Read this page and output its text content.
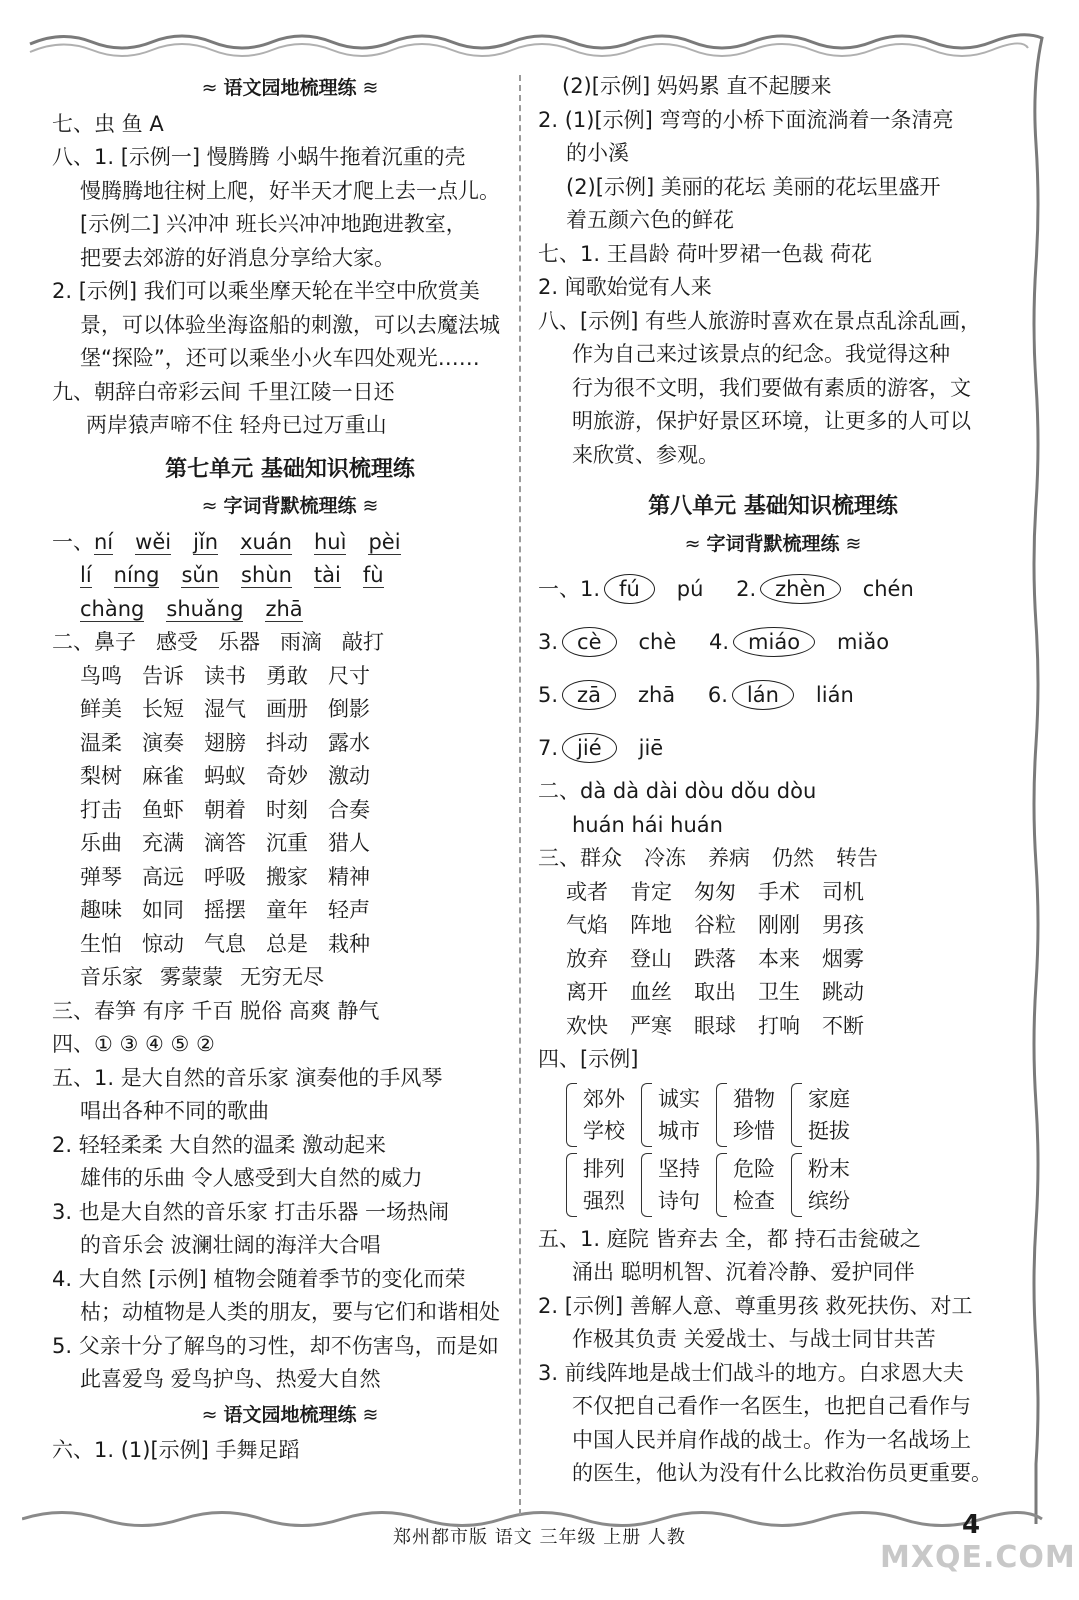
≈ 语文园地梳理练 ≋
七、虫 鱼 A
八、1. [示例一] 慢腾腾 小蜗牛拖着沉重的壳
慢腾腾地往树上爬，好半天才爬上去一点儿。
[示例二] 兴冲冲 班长兴冲冲地跑进教室，
把要去郊游的好消息分享给大家。
2. [示例] 我们可以乘坐摩天轮在半空中欣赏美
景，可以体验坐海盗船的刺激，可以去魔法城
堡“探险”，还可以乘坐小火车四处观光……
九、朝辞白帝彩云间 千里江陵一日还
两岸猿声啼不住 轻舟已过万重山
第七单元 基础知识梳理练
≈ 字词背默梳理练 ≋
一、ní wěi jǐn xuán huì pèi
lí níng sǔn shùn tài fù
chàng shuǎng zhā
二、鼻子 感受 乐器 雨滴 敲打
鸟鸣 告诉 读书 勇敢 尺寸
鲜美 长短 湿气 画册 倒影
温柔 演奏 翅膀 抖动 露水
梨树 麻雀 蚂蚁 奇妙 激动
打击 鱼虾 朝着 时刻 合奏
乐曲 充满 滴答 沉重 猎人
弹琴 高远 呼吸 搬家 精神
趣味 如同 摇摆 童年 轻声
生怕 惊动 气息 总是 栽种
音乐家 雾蒙蒙 无穷无尽
三、春笋 有序 千百 脱俗 高爽 静气
四、① ③ ④ ⑤ ②
五、1. 是大自然的音乐家 演奏他的手风琴
唱出各种不同的歌曲
2. 轻轻柔柔 大自然的温柔 激动起来
雄伟的乐曲 令人感受到大自然的威力
3. 也是大自然的音乐家 打击乐器 一场热闹
的音乐会 波澜壮阔的海洋大合唱
4. 大自然 [示例] 植物会随着季节的变化而荣
枯；动植物是人类的朋友，要与它们和谐相处
5. 父亲十分了解鸟的习性，却不伤害鸟，而是如
此喜爱鸟 爱鸟护鸟、热爱大自然
≈ 语文园地梳理练 ≋
六、1. (1)[示例] 手舞足蹈
(2)[示例] 妈妈累 直不起腰来
2. (1)[示例] 弯弯的小桥下面流淌着一条清亮
的小溪
(2)[示例] 美丽的花坛 美丽的花坛里盛开
着五颜六色的鲜花
七、1. 王昌龄 荷叶罗裙一色裁 荷花
2. 闻歌始觉有人来
八、[示例] 有些人旅游时喜欢在景点乱涂乱画，
作为自己来过该景点的纪念。我觉得这种
行为很不文明，我们要做有素质的游客，文
明旅游，保护好景区环境，让更多的人可以
来欣赏、参观。
第八单元 基础知识梳理练
≈ 字词背默梳理练 ≋
一、1. fú pú 2. zhèn chén
3. cè chè 4. miáo miǎo
5. zā zhā 6. lán lián
7. jié jiē
二、dà dà dài dòu dǒu dòu
huán hái huán
三、群众 冷冻 养病 仍然 转告
或者 肯定 匆匆 手术 司机
气焰 阵地 谷粒 刚刚 男孩
放弃 登山 跌落 本来 烟雾
离开 血丝 取出 卫生 跳动
欢快 严寒 眼球 打响 不断
四、[示例]
郊外
学校
诚实
城市
猎物
珍惜
家庭
挺拔
排列
强烈
坚持
诗句
危险
检查
粉末
缤纷
五、1. 庭院 皆弃去 全，都 持石击瓮破之
涌出 聪明机智、沉着冷静、爱护同伴
2. [示例] 善解人意、尊重男孩 救死扶伤、对工
作极其负责 关爱战士、与战士同甘共苦
3. 前线阵地是战士们战斗的地方。白求恩大夫
不仅把自己看作一名医生，也把自己看作与
中国人民并肩作战的战士。作为一名战场上
的医生，他认为没有什么比救治伤员更重要。
郑州都市版 语文 三年级 上册 人教	4
MXQE.COM
